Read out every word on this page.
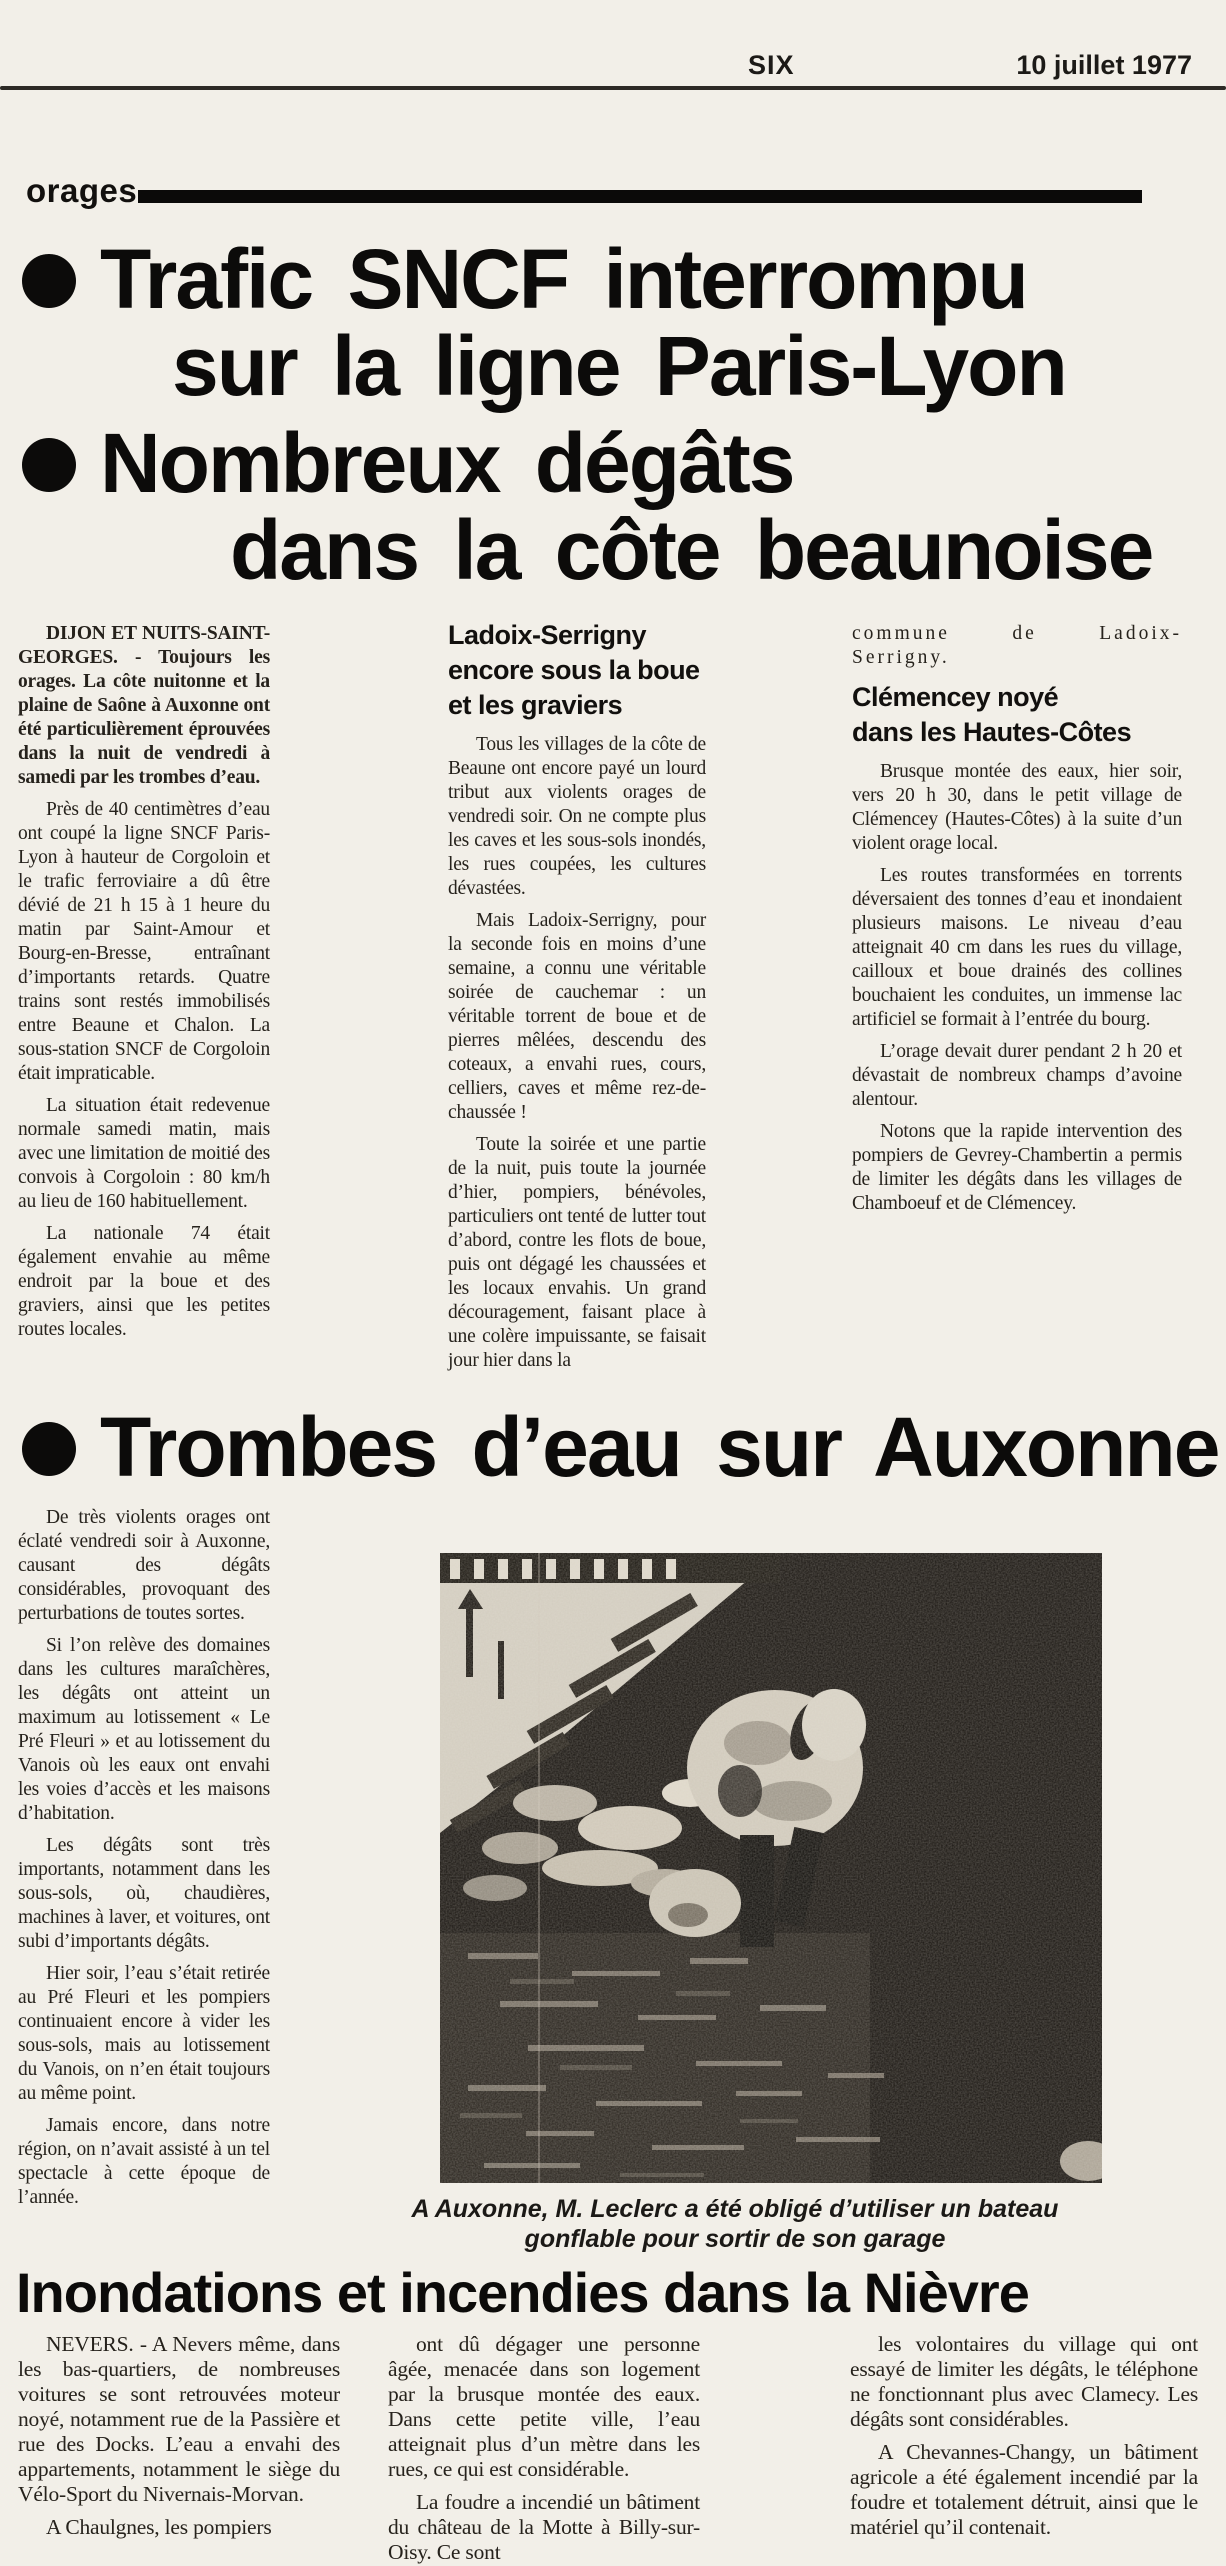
SIX	10 juillet 1977
orages
Trafic SNCF interrompu
sur la ligne Paris-Lyon
Nombreux dégâts
dans la côte beaunoise

DIJON ET NUITS-SAINT-GEORGES. - Toujours les orages. La côte nuitonne et la plaine de Saône à Auxonne ont été particulièrement éprouvées dans la nuit de vendredi à samedi par les trombes d’eau.

Près de 40 centimètres d’eau ont coupé la ligne SNCF Paris-Lyon à hauteur de Corgoloin et le trafic ferroviaire a dû être dévié de 21 h 15 à 1 heure du matin par Saint-Amour et Bourg-en-Bresse, entraînant d’importants retards. Quatre trains sont restés immobilisés entre Beaune et Chalon. La sous-station SNCF de Corgoloin était impraticable.

La situation était redevenue normale samedi matin, mais avec une limitation de moitié des convois à Corgoloin : 80 km/h au lieu de 160 habituellement.

La nationale 74 était également envahie au même endroit par la boue et des graviers, ainsi que les petites routes locales.

Ladoix-Serrigny
encore sous la boue
et les graviers

Tous les villages de la côte de Beaune ont encore payé un lourd tribut aux violents orages de vendredi soir. On ne compte plus les caves et les sous-sols inondés, les rues coupées, les cultures dévastées.

Mais Ladoix-Serrigny, pour la seconde fois en moins d’une semaine, a connu une véritable soirée de cauchemar : un véritable torrent de boue et de pierres mêlées, descendu des coteaux, a envahi rues, cours, celliers, caves et même rez-de-chaussée !

Toute la soirée et une partie de la nuit, puis toute la journée d’hier, pompiers, bénévoles, particuliers ont tenté de lutter tout d’abord, contre les flots de boue, puis ont dégagé les chaussées et les locaux envahis. Un grand découragement, faisant place à une colère impuissante, se faisait jour hier dans la

commune de Ladoix-Serrigny.

Clémencey noyé
dans les Hautes-Côtes

Brusque montée des eaux, hier soir, vers 20 h 30, dans le petit village de Clémencey (Hautes-Côtes) à la suite d’un violent orage local.

Les routes transformées en torrents déversaient des tonnes d’eau et inondaient plusieurs maisons. Le niveau d’eau atteignait 40 cm dans les rues du village, cailloux et boue drainés des collines bouchaient les conduites, un immense lac artificiel se formait à l’entrée du bourg.

L’orage devait durer pendant 2 h 20 et dévastait de nombreux champs d’avoine alentour.

Notons que la rapide intervention des pompiers de Gevrey-Chambertin a permis de limiter les dégâts dans les villages de Chamboeuf et de Clémencey.

Trombes d’eau sur Auxonne

De très violents orages ont éclaté vendredi soir à Auxonne, causant des dégâts considérables, provoquant des perturbations de toutes sortes.

Si l’on relève des domaines dans les cultures maraîchères, les dégâts ont atteint un maximum au lotissement « Le Pré Fleuri » et au lotissement du Vanois où les eaux ont envahi les voies d’accès et les maisons d’habitation.

Les dégâts sont très importants, notamment dans les sous-sols, où, chaudières, machines à laver, et voitures, ont subi d’importants dégâts.

Hier soir, l’eau s’était retirée au Pré Fleuri et les pompiers continuaient encore à vider les sous-sols, mais au lotissement du Vanois, on n’en était toujours au même point.

Jamais encore, dans notre région, on n’avait assisté à un tel spectacle à cette époque de l’année.	A Auxonne, M. Leclerc a été obligé d’utiliser un bateau
gonflable pour sortir de son garage
Inondations et incendies dans la Nièvre

NEVERS. - A Nevers même, dans les bas-quartiers, de nombreuses voitures se sont retrouvées moteur noyé, notamment rue de la Passière et rue des Docks. L’eau a envahi des appartements, notamment le siège du Vélo-Sport du Nivernais-Morvan.

A Chaulgnes, les pompiers

ont dû dégager une personne âgée, menacée dans son logement par la brusque montée des eaux. Dans cette petite ville, l’eau atteignait plus d’un mètre dans les rues, ce qui est considérable.

La foudre a incendié un bâtiment du château de la Motte à Billy-sur-Oisy. Ce sont

les volontaires du village qui ont essayé de limiter les dégâts, le téléphone ne fonctionnant plus avec Clamecy. Les dégâts sont considérables.

A Chevannes-Changy, un bâtiment agricole a été également incendié par la foudre et totalement détruit, ainsi que le matériel qu’il contenait.
